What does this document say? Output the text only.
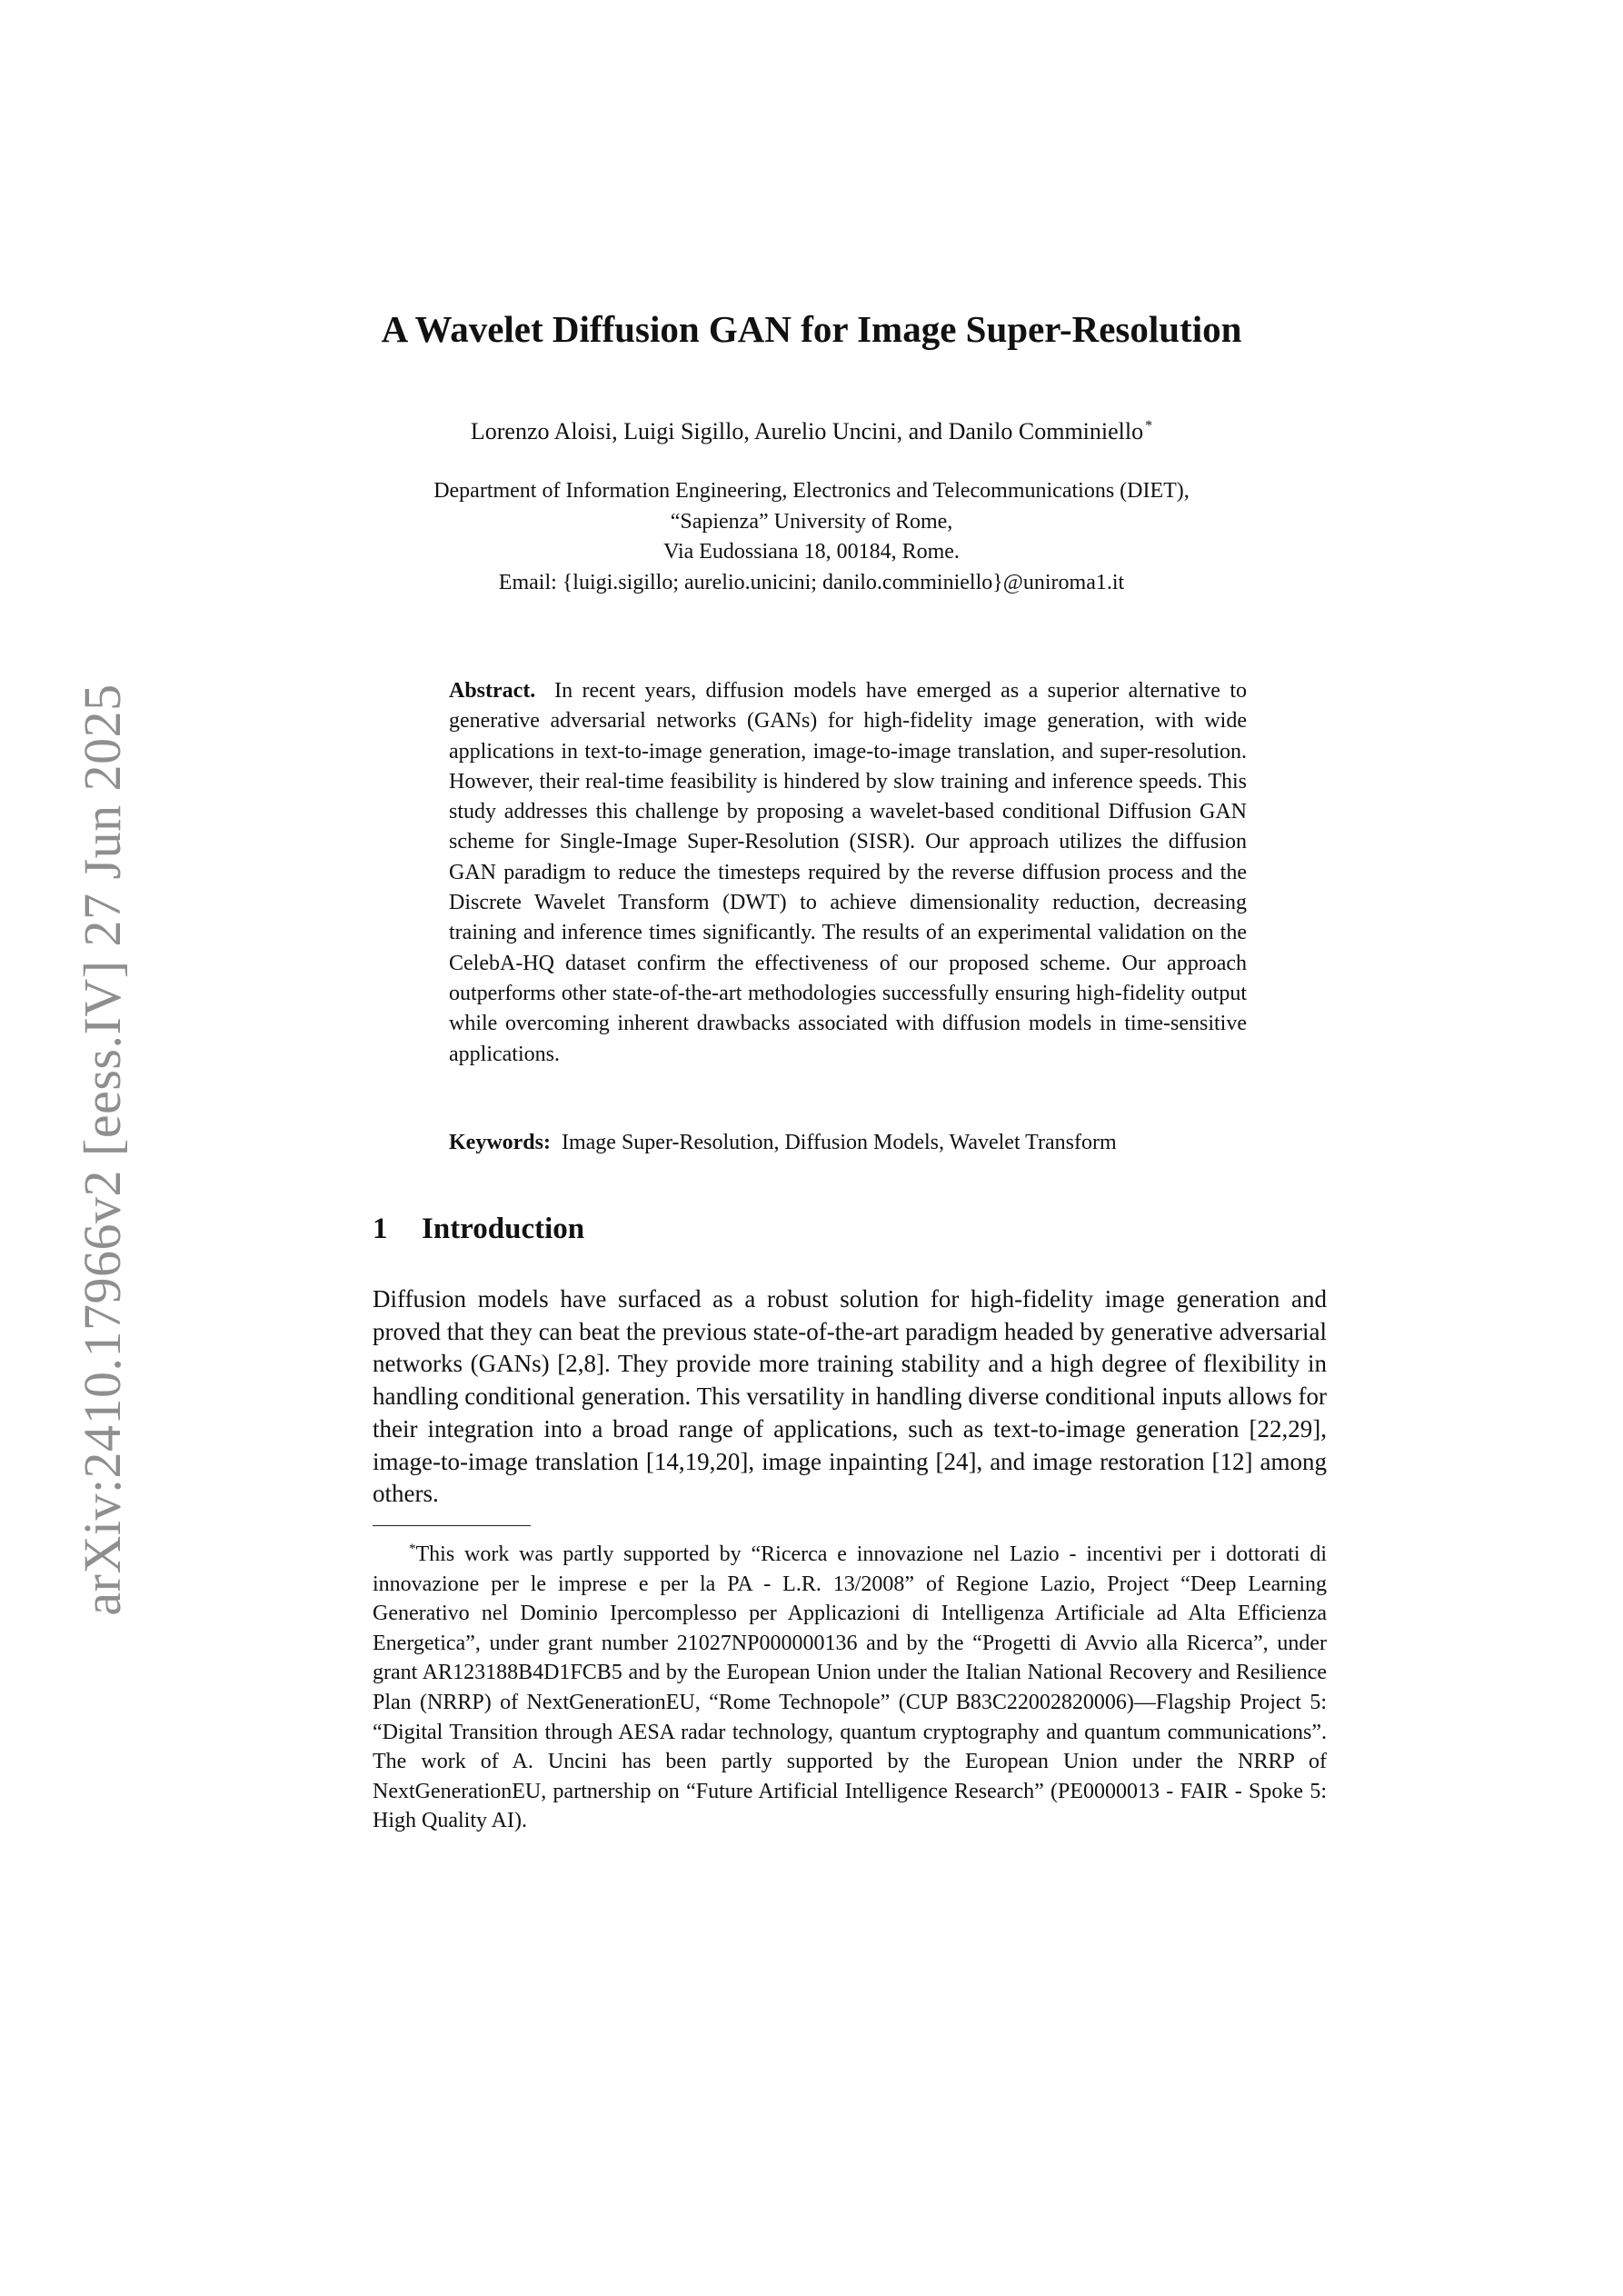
arXiv:2410.17966v2 [eess.IV] 27 Jun 2025
A Wavelet Diffusion GAN for Image Super-Resolution
Lorenzo Aloisi, Luigi Sigillo, Aurelio Uncini, and Danilo Comminiello *
Department of Information Engineering, Electronics and Telecommunications (DIET),
“Sapienza” University of Rome,
Via Eudossiana 18, 00184, Rome.
Email: {luigi.sigillo; aurelio.unicini; danilo.comminiello}@uniroma1.it
Abstract. In recent years, diffusion models have emerged as a superior alternative to generative adversarial networks (GANs) for high-fidelity image generation, with wide applications in text-to-image generation, image-to-image translation, and super-resolution. However, their real-time feasibility is hindered by slow training and inference speeds. This study addresses this challenge by proposing a wavelet-based conditional Diffusion GAN scheme for Single-Image Super-Resolution (SISR). Our approach utilizes the diffusion GAN paradigm to reduce the timesteps required by the reverse diffusion process and the Discrete Wavelet Transform (DWT) to achieve dimensionality reduction, decreasing training and inference times significantly. The results of an experimental validation on the CelebA-HQ dataset confirm the effectiveness of our proposed scheme. Our approach outperforms other state-of-the-art methodologies successfully ensuring high-fidelity output while overcoming inherent drawbacks associated with diffusion models in time-sensitive applications.
Keywords: Image Super-Resolution, Diffusion Models, Wavelet Transform
1 Introduction

Diffusion models have surfaced as a robust solution for high-fidelity image generation and proved that they can beat the previous state-of-the-art paradigm headed by generative adversarial networks (GANs) [2,8]. They provide more training stability and a high degree of flexibility in handling conditional generation. This versatility in handling diverse conditional inputs allows for their integration into a broad range of applications, such as text-to-image generation [22,29], image-to-image translation [14,19,20], image inpainting [24], and image restoration [12] among others.

*This work was partly supported by “Ricerca e innovazione nel Lazio - incentivi per i dottorati di innovazione per le imprese e per la PA - L.R. 13/2008” of Regione Lazio, Project “Deep Learning Generativo nel Dominio Ipercomplesso per Applicazioni di Intelligenza Artificiale ad Alta Efficienza Energetica”, under grant number 21027NP000000136 and by the “Progetti di Avvio alla Ricerca”, under grant AR123188B4D1FCB5 and by the European Union under the Italian National Recovery and Resilience Plan (NRRP) of NextGenerationEU, “Rome Technopole” (CUP B83C22002820006)—Flagship Project 5: “Digital Transition through AESA radar technology, quantum cryptography and quantum communications”. The work of A. Uncini has been partly supported by the European Union under the NRRP of NextGenerationEU, partnership on “Future Artificial Intelligence Research” (PE0000013 - FAIR - Spoke 5: High Quality AI).
